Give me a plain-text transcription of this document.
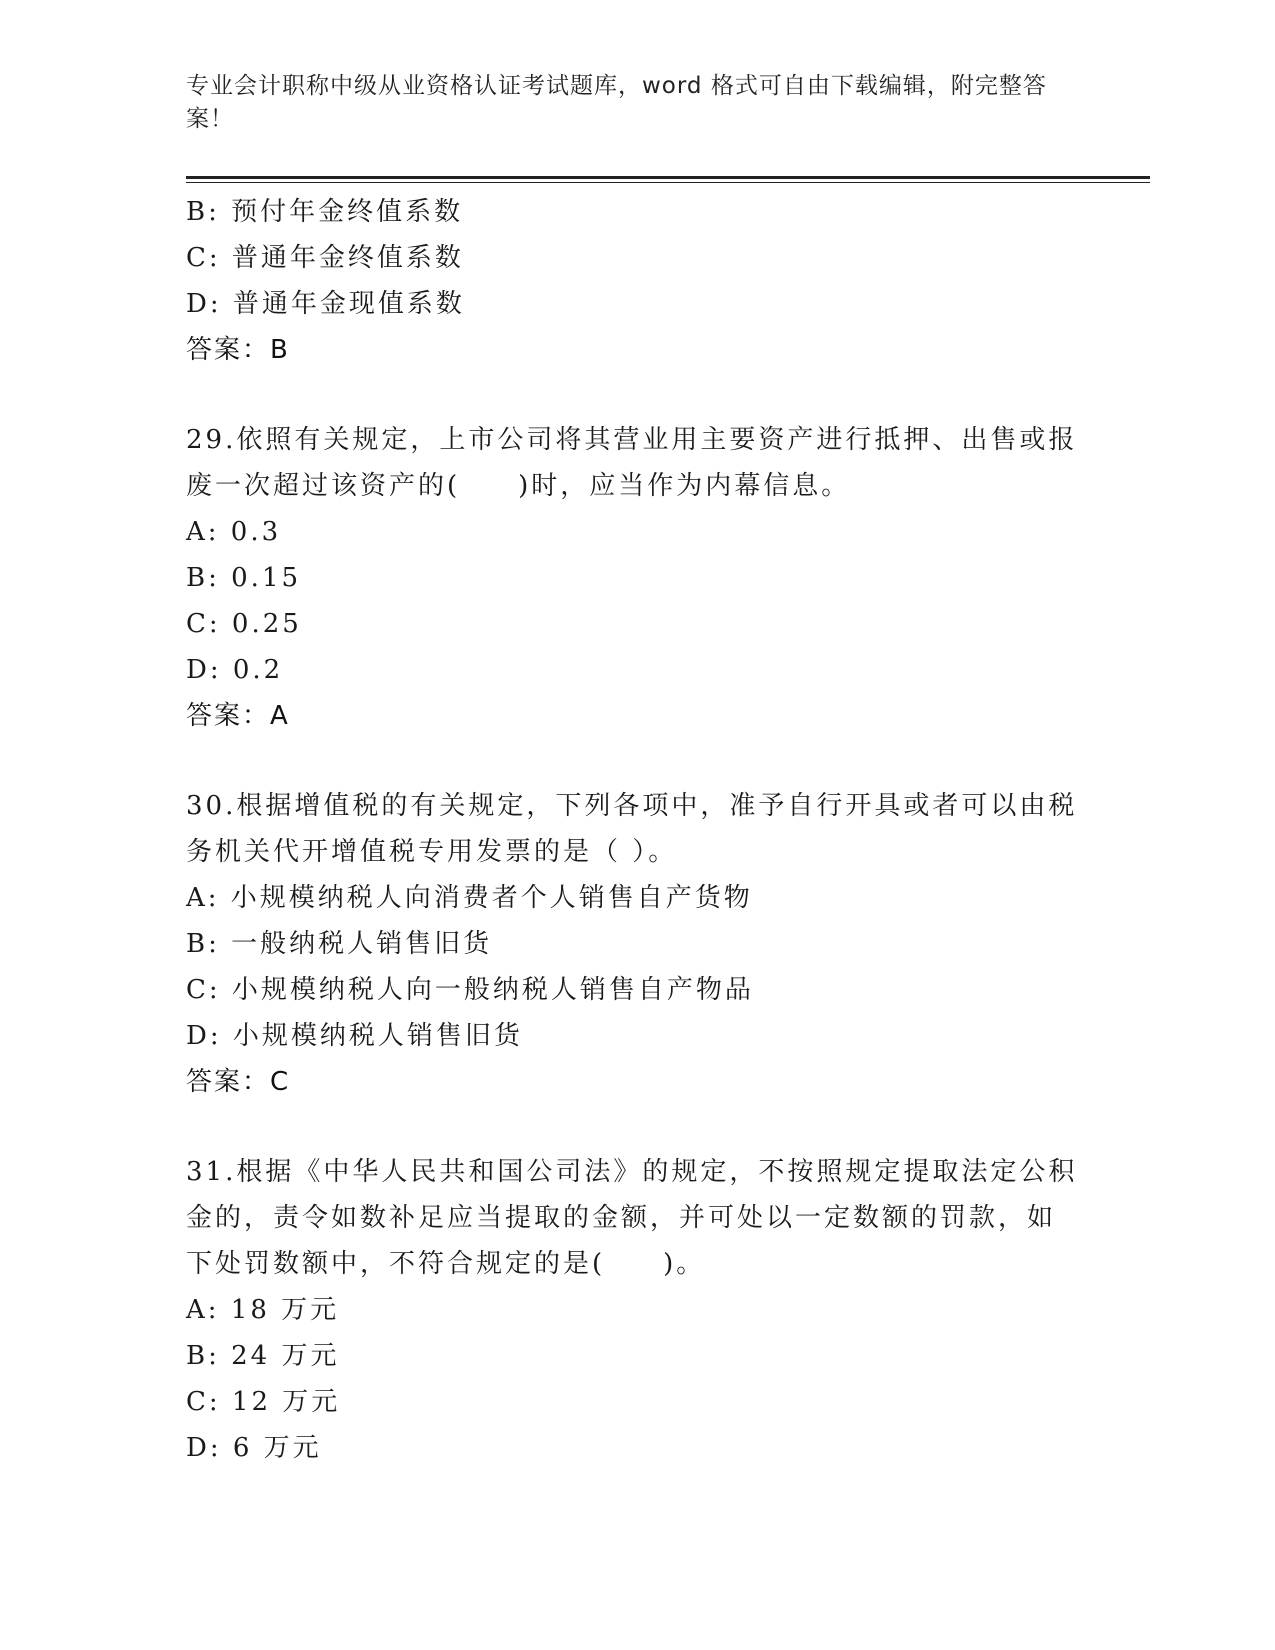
专业会计职称中级从业资格认证考试题库，word 格式可自由下载编辑，附完整答
案！
B: 预付年金终值系数
C: 普通年金终值系数
D: 普通年金现值系数
答案：B
29.依照有关规定，上市公司将其营业用主要资产进行抵押、出售或报
废一次超过该资产的(　　)时，应当作为内幕信息。
A: 0.3
B: 0.15
C: 0.25
D: 0.2
答案：A
30.根据增值税的有关规定，下列各项中，准予自行开具或者可以由税
务机关代开增值税专用发票的是（ ）。
A: 小规模纳税人向消费者个人销售自产货物
B: 一般纳税人销售旧货
C: 小规模纳税人向一般纳税人销售自产物品
D: 小规模纳税人销售旧货
答案：C
31.根据《中华人民共和国公司法》的规定，不按照规定提取法定公积
金的，责令如数补足应当提取的金额，并可处以一定数额的罚款，如
下处罚数额中，不符合规定的是(　　)。
A: 18 万元
B: 24 万元
C: 12 万元
D: 6 万元
